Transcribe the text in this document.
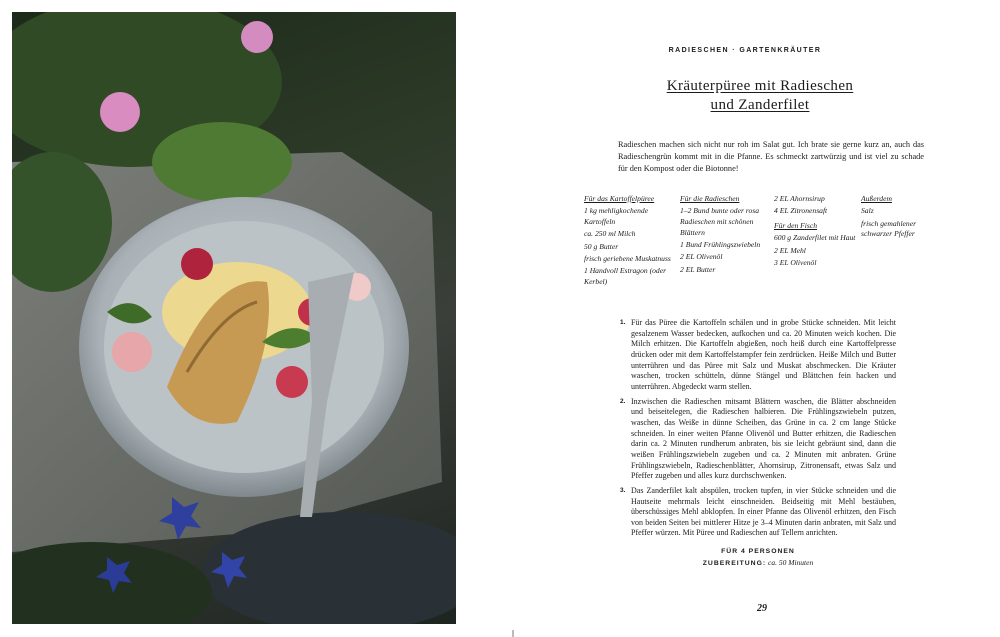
RADIESCHEN · GARTENKRÄUTER
Kräuterpüree mit Radieschen
und Zanderfilet
Radieschen machen sich nicht nur roh im Salat gut. Ich brate sie gerne kurz an, auch das Radieschengrün kommt mit in die Pfanne. Es schmeckt zartwürzig und ist viel zu schade für den Kompost oder die Biotonne!
Für das Kartoffelpüree
1 kg mehligkochende Kartoffeln
ca. 250 ml Milch
50 g Butter
frisch geriebene Muskatnuss
1 Handvoll Estragon (oder Kerbel)
Für die Radieschen
1–2 Bund bunte oder rosa Radieschen mit schönen Blättern
1 Bund Frühlingszwiebeln
2 EL Olivenöl
2 EL Butter
2 EL Ahornsirup
4 EL Zitronensaft
Für den Fisch
600 g Zanderfilet mit Haut
2 EL Mehl
3 EL Olivenöl
Außerdem
Salz
frisch gemahlener schwarzer Pfeffer
1. Für das Püree die Kartoffeln schälen und in grobe Stücke schneiden. Mit leicht gesalzenem Wasser bedecken, aufkochen und ca. 20 Minuten weich kochen. Die Milch erhitzen. Die Kartoffeln abgießen, noch heiß durch eine Kartoffelpresse drücken oder mit dem Kartoffelstampfer fein zerdrücken. Heiße Milch und Butter unterrühren und das Püree mit Salz und Muskat abschmecken. Die Kräuter waschen, trocken schütteln, dünne Stängel und Blättchen fein hacken und unterrühren. Abgedeckt warm stellen.
2. Inzwischen die Radieschen mitsamt Blättern waschen, die Blätter abschneiden und beiseitelegen, die Radieschen halbieren. Die Frühlingszwiebeln putzen, waschen, das Weiße in dünne Scheiben, das Grüne in ca. 2 cm lange Stücke schneiden. In einer weiten Pfanne Olivenöl und Butter erhitzen, die Radieschen darin ca. 2 Minuten rundherum anbraten, bis sie leicht gebräunt sind, dann die weißen Frühlingszwiebeln zugeben und ca. 2 Minuten mit anbraten. Grüne Frühlingszwiebeln, Radieschenblätter, Ahornsirup, Zitronensaft, etwas Salz und Pfeffer zugeben und alles kurz durchschwenken.
3. Das Zanderfilet kalt abspülen, trocken tupfen, in vier Stücke schneiden und die Hautseite mehrmals leicht einschneiden. Beidseitig mit Mehl bestäuben, überschüssiges Mehl abklopfen. In einer Pfanne das Olivenöl erhitzen, den Fisch von beiden Seiten bei mittlerer Hitze je 3–4 Minuten darin anbraten, mit Salz und Pfeffer würzen. Mit Püree und Radieschen auf Tellern anrichten.
FÜR 4 PERSONEN
ZUBEREITUNG: ca. 50 Minuten
29
